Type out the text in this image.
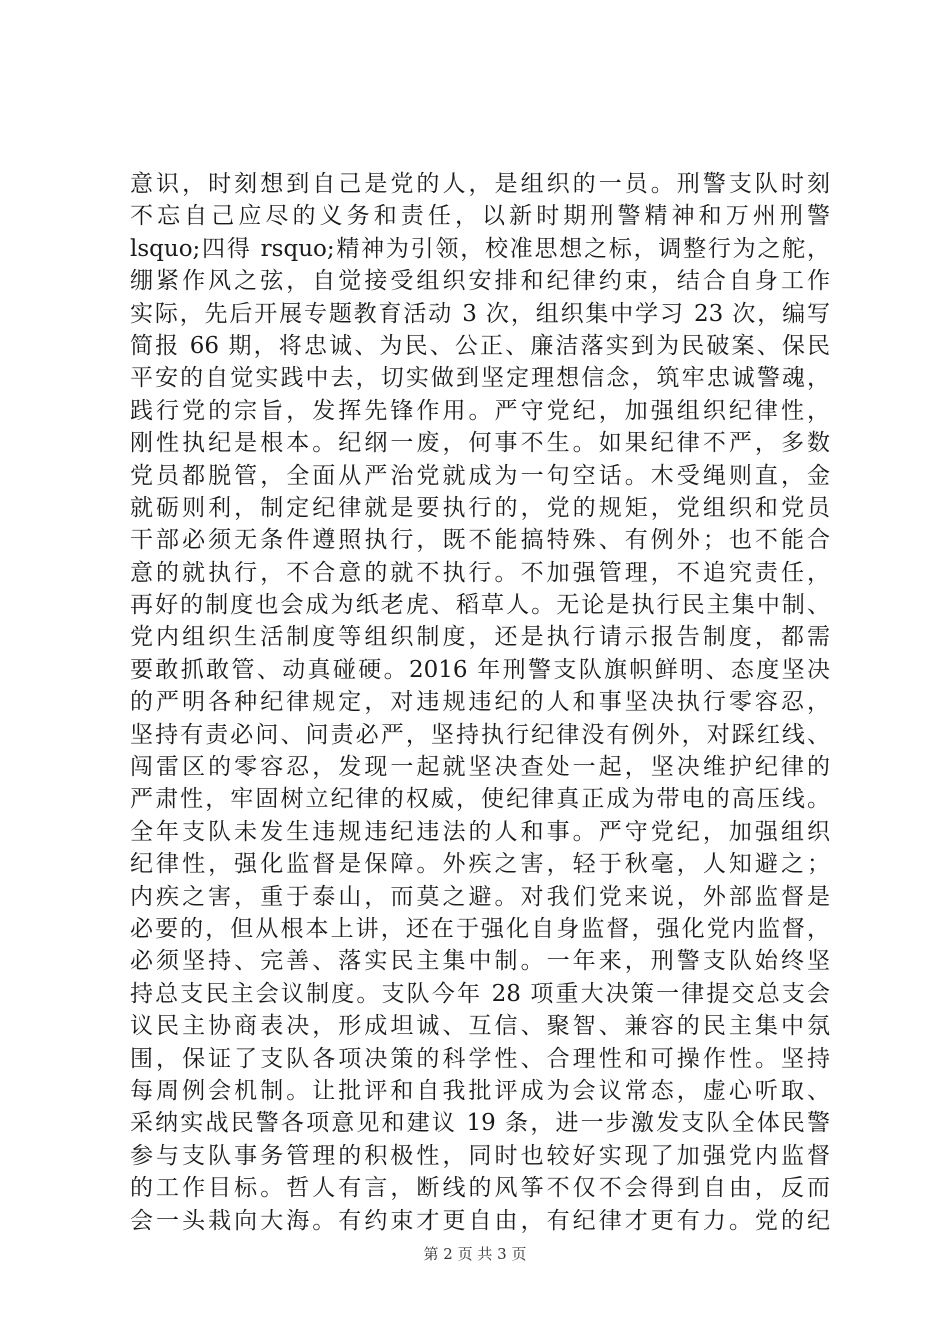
意识，时刻想到自己是党的人，是组织的一员。刑警支队时刻
不忘自己应尽的义务和责任，以新时期刑警精神和万州刑警
lsquo;四得 rsquo;精神为引领，校准思想之标，调整行为之舵，
绷紧作风之弦，自觉接受组织安排和纪律约束，结合自身工作
实际，先后开展专题教育活动 3 次，组织集中学习 23 次，编写
简报 66 期，将忠诚、为民、公正、廉洁落实到为民破案、保民
平安的自觉实践中去，切实做到坚定理想信念，筑牢忠诚警魂，
践行党的宗旨，发挥先锋作用。严守党纪，加强组织纪律性，
刚性执纪是根本。纪纲一废，何事不生。如果纪律不严，多数
党员都脱管，全面从严治党就成为一句空话。木受绳则直，金
就砺则利，制定纪律就是要执行的，党的规矩，党组织和党员
干部必须无条件遵照执行，既不能搞特殊、有例外；也不能合
意的就执行，不合意的就不执行。不加强管理，不追究责任，
再好的制度也会成为纸老虎、稻草人。无论是执行民主集中制、
党内组织生活制度等组织制度，还是执行请示报告制度，都需
要敢抓敢管、动真碰硬。2016 年刑警支队旗帜鲜明、态度坚决
的严明各种纪律规定，对违规违纪的人和事坚决执行零容忍，
坚持有责必问、问责必严，坚持执行纪律没有例外，对踩红线、
闯雷区的零容忍，发现一起就坚决查处一起，坚决维护纪律的
严肃性，牢固树立纪律的权威，使纪律真正成为带电的高压线。
全年支队未发生违规违纪违法的人和事。严守党纪，加强组织
纪律性，强化监督是保障。外疾之害，轻于秋毫，人知避之；
内疾之害，重于泰山，而莫之避。对我们党来说，外部监督是
必要的，但从根本上讲，还在于强化自身监督，强化党内监督，
必须坚持、完善、落实民主集中制。一年来，刑警支队始终坚
持总支民主会议制度。支队今年 28 项重大决策一律提交总支会
议民主协商表决，形成坦诚、互信、聚智、兼容的民主集中氛
围，保证了支队各项决策的科学性、合理性和可操作性。坚持
每周例会机制。让批评和自我批评成为会议常态，虚心听取、
采纳实战民警各项意见和建议 19 条，进一步激发支队全体民警
参与支队事务管理的积极性，同时也较好实现了加强党内监督
的工作目标。哲人有言，断线的风筝不仅不会得到自由，反而
会一头栽向大海。有约束才更自由，有纪律才更有力。党的纪
第 2 页 共 3 页
